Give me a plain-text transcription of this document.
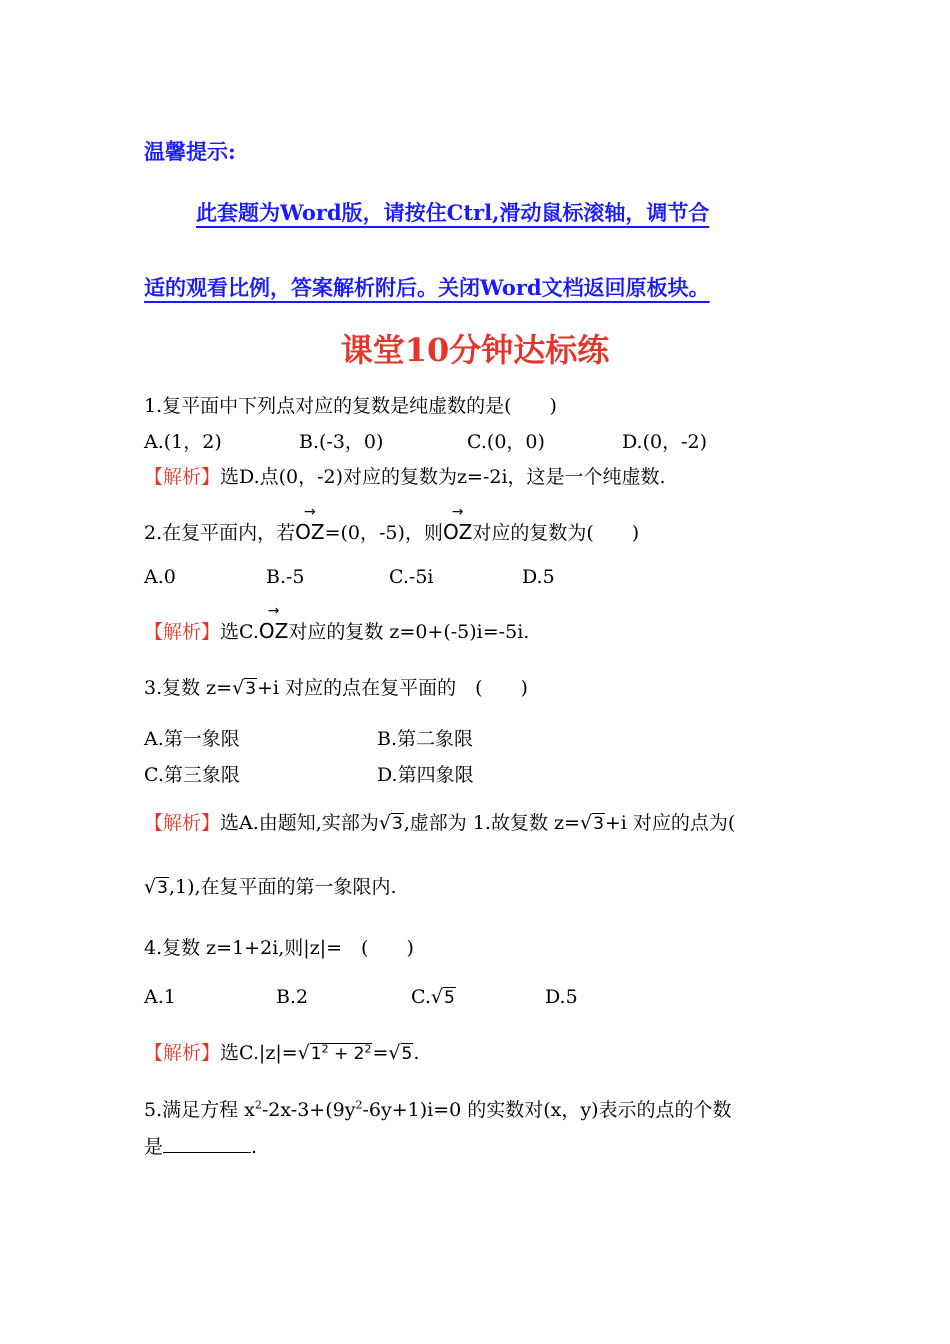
温馨提示:
此套题为Word版，请按住Ctrl,滑动鼠标滚轴，调节合
适的观看比例，答案解析附后。关闭Word文档返回原板块。
课堂10分钟达标练
1.复平面中下列点对应的复数是纯虚数的是(　　)
A.(1，2)	B.(-3，0)	C.(0，0)	D.(0，-2)
【解析】选D.点(0，-2)对应的复数为z=-2i，这是一个纯虚数.
2.在复平面内，若
→
OZ=(0，-5)，则
→
OZ对应的复数为(　　)
A.0	B.-5	C.-5i	D.5
【解析】选C.
→
OZ对应的复数 z=0+(-5)i=-5i.
3.复数 z=√3+i 对应的点在复平面的　(　　)
A.第一象限	B.第二象限
C.第三象限	D.第四象限
【解析】选A.由题知,实部为√3,虚部为 1.故复数 z=√3+i 对应的点为(
√3,1),在复平面的第一象限内.
4.复数 z=1+2i,则|z|=　(　　)
A.1	B.2	C.√5	D.5
【解析】选$C.|z|=√1^2 + 2^2=√5$.
5.满足方程 $x^2-2x-3+(9y^2-6y+1)i=0$ 的实数对(x，y)表示的点的个数
是	.
